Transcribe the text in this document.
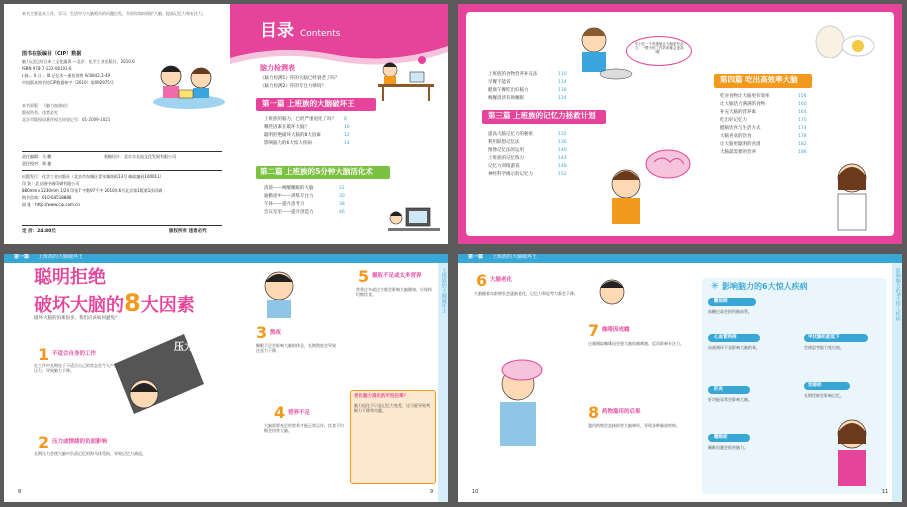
本书主要是从工作、学习、生活中与大脑相关的问题出发，告诉你如何保护大脑、提高记忆力和专注力。
图书在版编目（CIP）数据
脑力记忆法/日本三文化编著.—北京：化学工业出版社，2010.6
ISBN 978-7-122-08101-6
I.脑… II.日… III.记忆术—通俗读物 IV.B842.3-49
中国版本图书馆CIP数据核字（2010）第092975号
本书原版：《脑力加油站》
版权所有，违者必究
北京市版权局著作权合同登记号：01-2009-1021
责任编辑：马 鹏
责任校对：郑 捷
装帧设计：北京水长流文化发展有限公司
出版发行：化学工业出版社（北京市东城区青年湖南街13号 邮政编码100011）
印 装：北京画中画印刷有限公司
880mm×1230mm 1/24 印张7 字数97千字 2010年6月北京第1版第1次印刷
购书咨询：010-64518888
网 址：http://www.cip.com.cn
定 价：24.80元	版权所有 违者必究
目录 Contents
脑力检测表
《脑力检测1》你的大脑已经衰老了吗？
《脑力检测2》你的专注力够吗？
第一篇 上班族的大脑破坏王
上班族的脑力，已经严重退化了吗？ 8
哪些因素在破坏大脑？	10
聪明拒绝破坏大脑的8大因素	12
影响脑力的6大惊人疾病	14
第二篇 上班族的5分钟大脑活化术
清晨——唤醒睡眠的大脑	22
通勤途中——训练专注力	30
午休——提升思考力	38
会议室里——提升创造力	46
早上吃一个鸡蛋能让大脑更有活力，一整天的工作效率都会更高哦！
上班族的食物营养补充法	110
早餐不能省	114
健康午餐吃出好脑力	118
晚餐清淡有助睡眠	124
第三篇 上班族的记忆力拯救计划
提高大脑记忆力的秘密	132
利用联想记忆法	136
图像记忆法的运用	140
上班族的记忆练习	144
记忆力训练游戏	148
神经科学揭示的记忆力	152
第四篇 吃出高效率大脑
吃对食物让大脑更有效率	156
让大脑活力满满的食物	160
补充大脑的营养素	164
吃出好记忆力	170
健脑饮食与生活方式	174
大脑喜欢的饮食	178
让大脑更聪明的食谱	182
大脑最需要的营养	186
第一篇 上班族的大脑破坏王
上班族的大脑破坏王
聪明拒绝
破坏大脑的8大因素
破坏大脑的因素很多，我们应该如何避免？
压力
1 不适合自身的工作
在工作中长期处于不适合自己的状态会令人产生压力，导致脑力下降。
2 压力或情绪的负面影响
长期压力会使大脑中负责记忆的海马体受损，导致记忆力减退。
3 熬夜
睡眠不足会影响大脑的休息，长期熬夜会导致注意力下降。
5 摄取不足或太多营养
营养过多或过少都会影响大脑健康，应保持均衡饮食。
4 营养不足
大脑需要充足的营养才能正常运作，饮食不均衡会伤害大脑。
老化脑力退化的可怕后果？
脑力退化不只是记忆力变差，还可能导致判断力下降等问题。
8	9
第一篇 上班族的大脑破坏王
影响脑力的6大惊人疾病
6 大脑老化
大脑随着年龄增长会逐渐老化，记忆力和思考力都会下降。
7 咖啡因成瘾
过量摄取咖啡因会使大脑依赖刺激，反而影响专注力。
8 药物滥用的后果
滥用药物会直接损害大脑神经，导致各种脑部疾病。
影响脑力的6大惊人疾病
✳
糖尿病
血糖过高会损伤脑血管。
心血管疾病
血液循环不良影响大脑供氧。
甲状腺机能低下
会使思考能力变迟钝。
忧郁症
长期忧郁会影响记忆。
肝炎
肝功能异常会影响大脑。
睡眠症
睡眠问题会损害脑力。
10	11
